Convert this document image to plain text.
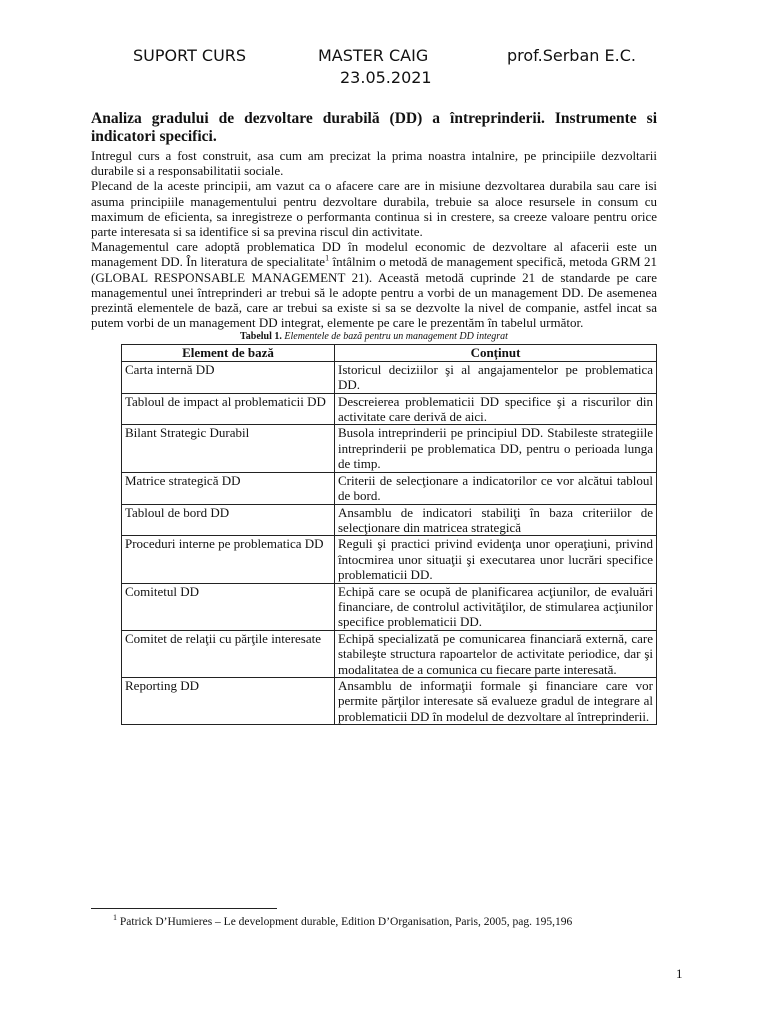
SUPORT CURS	MASTER CAIG	prof.Serban E.C.
23.05.2021
Analiza gradului de dezvoltare durabilă (DD) a întreprinderii. Instrumente si indicatori specifici.

Intregul curs a fost construit, asa cum am precizat la prima noastra intalnire, pe principiile dezvoltarii durabile si a responsabilitatii sociale.

Plecand de la aceste principii, am vazut ca o afacere care are in misiune dezvoltarea durabila sau care isi asuma principiile managementului pentru dezvoltare durabila, trebuie sa aloce resursele in consum cu maximum de eficienta, sa inregistreze o performanta continua si in crestere, sa creeze valoare pentru orice parte interesata si sa identifice si sa previna riscul din activitate.

Managementul care adoptă problematica DD în modelul economic de dezvoltare al afacerii este un management DD. În literatura de specialitate$^1$ întâlnim o metodă de management specifică, metoda GRM 21 (GLOBAL RESPONSABLE MANAGEMENT 21). Această metodă cuprinde 21 de standarde pe care managementul unei întreprinderi ar trebui să le adopte pentru a vorbi de un management DD. De asemenea prezintă elementele de bază, care ar trebui sa existe si sa se dezvolte la nivel de companie, astfel incat sa putem vorbi de un management DD integrat, elemente pe care le prezentăm în tabelul următor.

Tabelul 1. Elementele de bază pentru un management DD integrat
Element de bază	Conținut
Carta internă DD	Istoricul deciziilor şi al angajamentelor pe problematica DD.
Tabloul de impact al problematicii DD	Descreierea problematicii DD specifice şi a riscurilor din activitate care derivă de aici.
Bilant Strategic Durabil	Busola intreprinderii pe principiul DD. Stabileste strategiile intreprinderii pe problematica DD, pentru o perioada lunga de timp.
Matrice strategică DD	Criterii de selecţionare a indicatorilor ce vor alcătui tabloul de bord.
Tabloul de bord DD	Ansamblu de indicatori stabiliţi în baza criteriilor de selecţionare din matricea strategică
Proceduri interne pe problematica DD	Reguli şi practici privind evidenţa unor operaţiuni, privind întocmirea unor situaţii şi executarea unor lucrări specifice problematicii DD.
Comitetul DD	Echipă care se ocupă de planificarea acţiunilor, de evaluări financiare, de controlul activităţilor, de stimularea acţiunilor specifice problematicii DD.
Comitet de relaţii cu părţile interesate	Echipă specializată pe comunicarea financiară externă, care stabileşte structura rapoartelor de activitate periodice, dar şi modalitatea de a comunica cu fiecare parte interesată.
Reporting DD	Ansamblu de informaţii formale şi financiare care vor permite părţilor interesate să evalueze gradul de integrare al problematicii DD în modelul de dezvoltare al întreprinderii.
$^1$ Patrick D’Humieres – Le development durable, Edition D’Organisation, Paris, 2005, pag. 195,196
1
